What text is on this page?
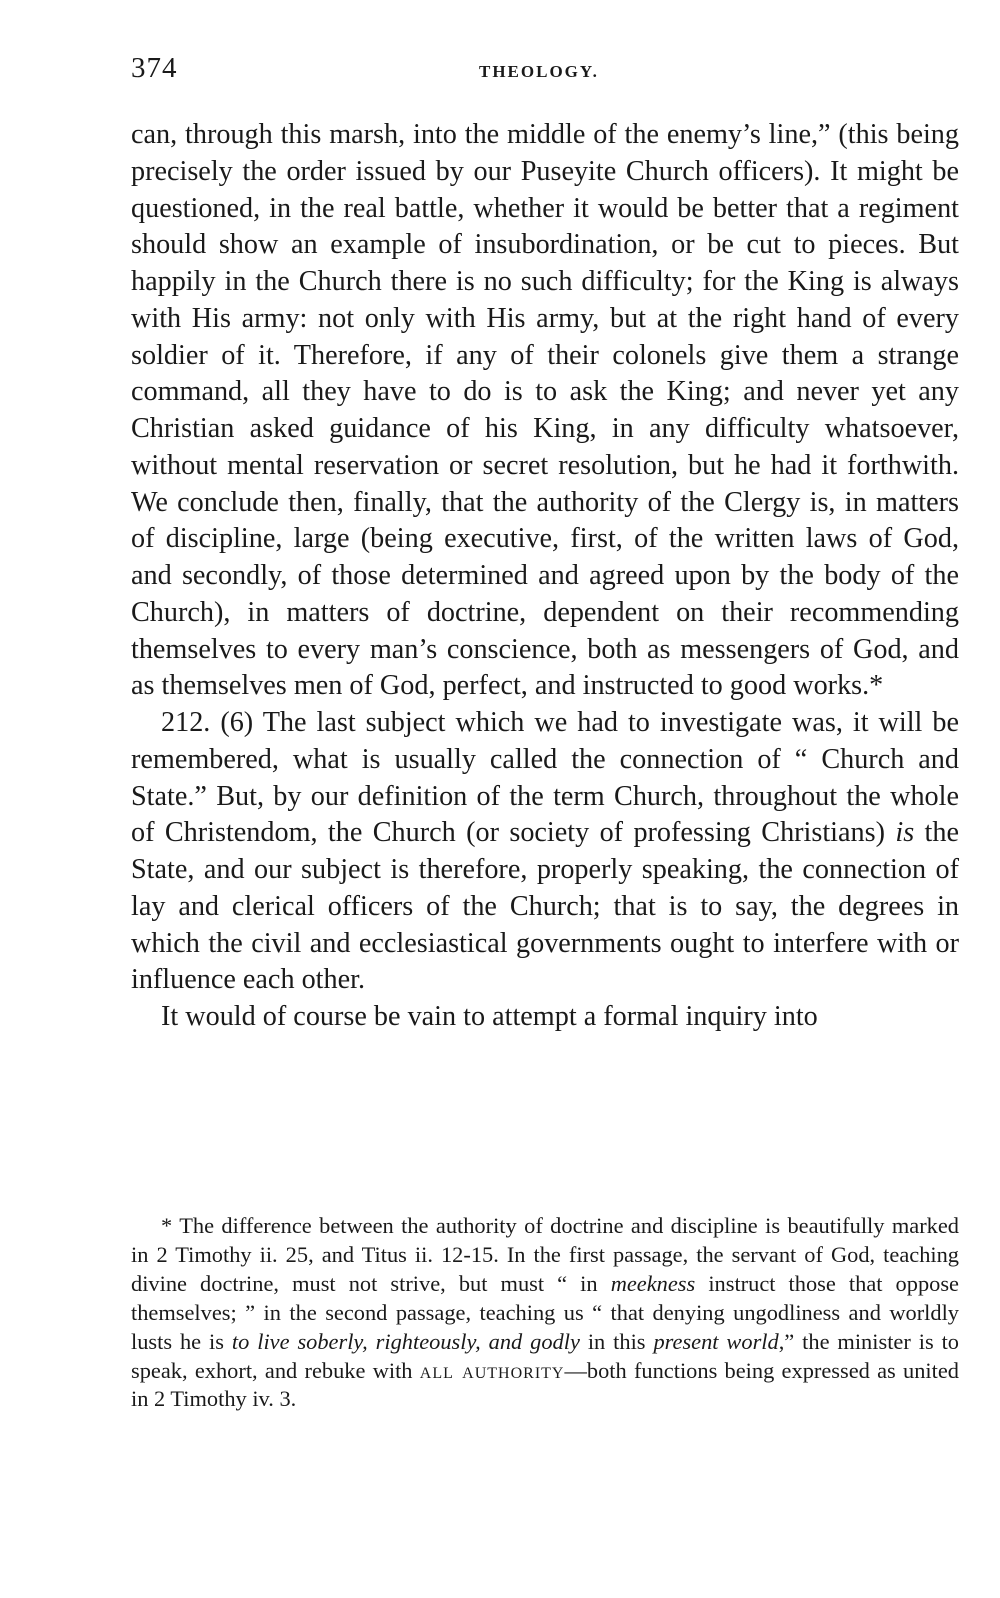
374	THEOLOGY.

can, through this marsh, into the middle of the enemy’s line,” (this being precisely the order issued by our Puseyite Church officers). It might be questioned, in the real battle, whether it would be better that a regiment should show an example of insubordination, or be cut to pieces. But happily in the Church there is no such difficulty; for the King is always with His army: not only with His army, but at the right hand of every soldier of it. Therefore, if any of their colonels give them a strange command, all they have to do is to ask the King; and never yet any Christian asked guidance of his King, in any difficulty whatsoever, without mental reservation or secret resolution, but he had it forthwith. We conclude then, finally, that the authority of the Clergy is, in matters of discipline, large (being executive, first, of the written laws of God, and secondly, of those determined and agreed upon by the body of the Church), in matters of doctrine, dependent on their recommending themselves to every man’s conscience, both as messengers of God, and as themselves men of God, perfect, and instructed to good works.*

212. (6) The last subject which we had to investigate was, it will be remembered, what is usually called the connection of “ Church and State.” But, by our definition of the term Church, throughout the whole of Christendom, the Church (or society of professing Christians) is the State, and our subject is therefore, properly speaking, the connection of lay and clerical officers of the Church; that is to say, the degrees in which the civil and ecclesiastical governments ought to interfere with or influence each other.

It would of course be vain to attempt a formal inquiry into

* The difference between the authority of doctrine and discipline is beautifully marked in 2 Timothy ii. 25, and Titus ii. 12-15. In the first passage, the servant of God, teaching divine doctrine, must not strive, but must “ in meekness instruct those that oppose themselves; ” in the second passage, teaching us “ that denying ungodliness and worldly lusts he is to live soberly, righteously, and godly in this present world,” the minister is to speak, exhort, and rebuke with all authority—both functions being expressed as united in 2 Timothy iv. 3.
